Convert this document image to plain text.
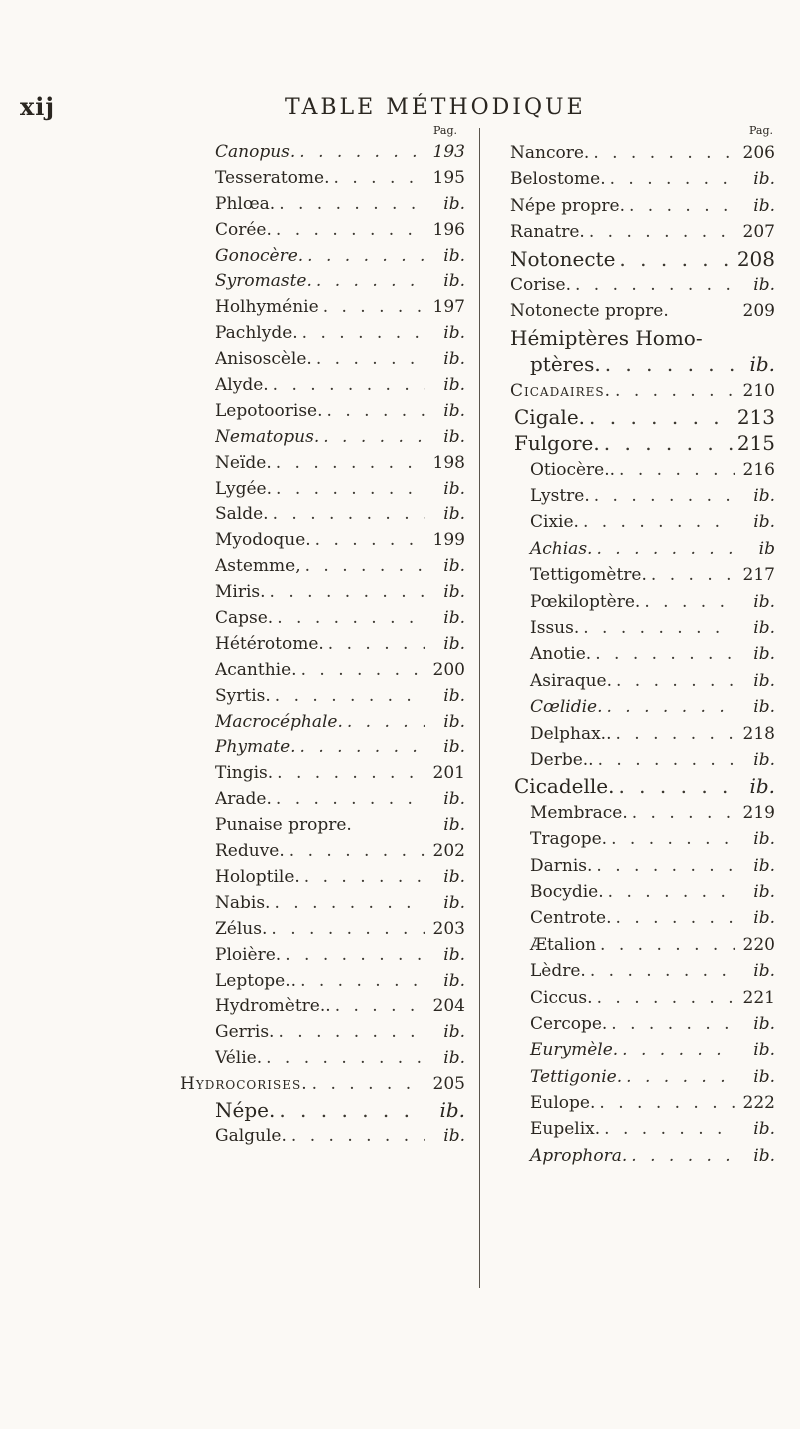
xij	TABLE MÉTHODIQUE
Pag.
Canopus. . . .	193
Tesseratome. . . .	195
Phlœa. . . .	ib.
Corée. . . .	196
Gonocère. . . .	ib.
Syromaste. . . .	ib.
Holhyménie . . .	197
Pachlyde. . . .	ib.
Anisoscèle. . . .	ib.
Alyde. . . .	ib.
Lepotoorise. . . .	ib.
Nematopus. . . .	ib.
Neïde. . . .	198
Lygée. . . .	ib.
Salde. . . .	ib.
Myodoque. . . .	199
Astemme, . . .	ib.
Miris. . . .	ib.
Capse. . . .	ib.
Hétérotome. . . .	ib.
Acanthie. . . .	200
Syrtis. . . .	ib.
Macrocéphale. . . .	ib.
Phymate. . . .	ib.
Tingis. . . .	201
Arade. . . .	ib.
Punaise propre.	ib.
Reduve. . . .	202
Holoptile. . . .	ib.
Nabis. . . .	ib.
Zélus. . . .	203
Ploière. . . .	ib.
Leptope.. . . .	ib.
Hydromètre.. . . .	204
Gerris. . . .	ib.
Vélie. . . .	ib.
Hydrocorises. . . .	205
Népe. . . .	ib.
Galgule. . . .	ib.
Pag.
Nancore. . . .	206
Belostome. . . .	ib.
Népe propre. . . .	ib.
Ranatre. . . .	207
Notonecte . . .	208
Corise. . . .	ib.
Notonecte propre.	209
Hémiptères Homo-
ptères. . . .	ib.
Cicadaires. . . .	210
Cigale. . . .	213
Fulgore. . . .	215
Otiocère.. . . .	216
Lystre. . . .	ib.
Cixie. . . .	ib.
Achias. . . .	ib
Tettigomètre. . . .	217
Pœkiloptère. . . .	ib.
Issus. . . .	ib.
Anotie. . . .	ib.
Asiraque. . . .	ib.
Cœlidie. . . .	ib.
Delphax.. . . .	218
Derbe.. . . .	ib.
Cicadelle. . . .	ib.
Membrace. . . .	219
Tragope. . . .	ib.
Darnis. . . .	ib.
Bocydie. . . .	ib.
Centrote. . . .	ib.
Ætalion . . .	220
Lèdre. . . .	ib.
Ciccus. . . .	221
Cercope. . . .	ib.
Eurymèle. . . .	ib.
Tettigonie. . . .	ib.
Eulope. . . .	222
Eupelix. . . .	ib.
Aprophora. . . .	ib.
